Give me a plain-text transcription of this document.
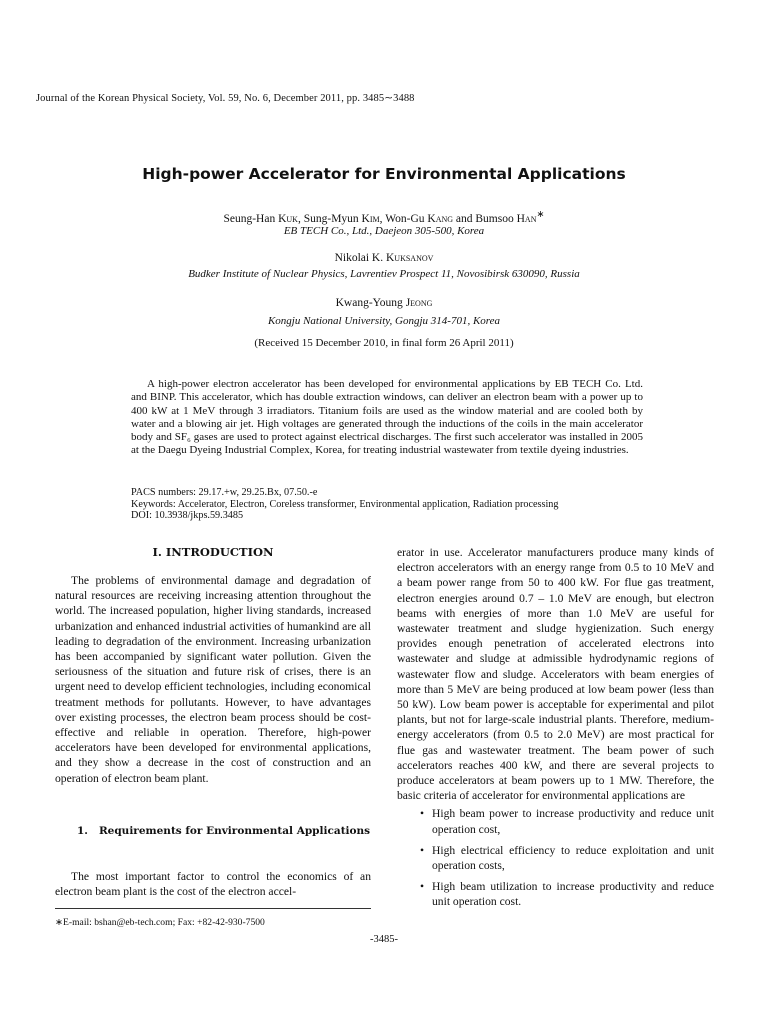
Journal of the Korean Physical Society, Vol. 59, No. 6, December 2011, pp. 3485∼3488
High-power Accelerator for Environmental Applications
Seung-Han Kuk, Sung-Myun Kim, Won-Gu Kang and Bumsoo Han∗
EB TECH Co., Ltd., Daejeon 305-500, Korea
Nikolai K. Kuksanov
Budker Institute of Nuclear Physics, Lavrentiev Prospect 11, Novosibirsk 630090, Russia
Kwang-Young Jeong
Kongju National University, Gongju 314-701, Korea
(Received 15 December 2010, in final form 26 April 2011)
A high-power electron accelerator has been developed for environmental applications by EB TECH Co. Ltd. and BINP. This accelerator, which has double extraction windows, can deliver an electron beam with a power up to 400 kW at 1 MeV through 3 irradiators. Titanium foils are used as the window material and are cooled both by water and a blowing air jet. High voltages are generated through the inductions of the coils in the main accelerator body and SF₆ gases are used to protect against electrical discharges. The first such accelerator was installed in 2005 at the Daegu Dyeing Industrial Complex, Korea, for treating industrial wastewater from textile dyeing industries.
PACS numbers: 29.17.+w, 29.25.Bx, 07.50.-e
Keywords: Accelerator, Electron, Coreless transformer, Environmental application, Radiation processing
DOI: 10.3938/jkps.59.3485
I. INTRODUCTION

The problems of environmental damage and degradation of natural resources are receiving increasing attention throughout the world. The increased population, higher living standards, increased urbanization and enhanced industrial activities of humankind are all leading to degradation of the environment. Increasing urbanization has been accompanied by significant water pollution. Given the seriousness of the situation and future risk of crises, there is an urgent need to develop efficient technologies, including economical treatment methods for pollutants. However, to have advantages over existing processes, the electron beam process should be cost-effective and reliable in operation. Therefore, high-power accelerators have been developed for environmental applications, and they show a decrease in the cost of construction and an operation of electron beam plant.

1. Requirements for Environmental Applications

The most important factor to control the economics of an electron beam plant is the cost of the electron accel-

erator in use. Accelerator manufacturers produce many kinds of electron accelerators with an energy range from 0.5 to 10 MeV and a beam power range from 50 to 400 kW. For flue gas treatment, electron energies around 0.7 – 1.0 MeV are enough, but electron beams with energies of more than 1.0 MeV are useful for wastewater treatment and sludge hygienization. Such energy provides enough penetration of accelerated electrons into wastewater and sludge at admissible hydrodynamic regions of wastewater flow and sludge. Accelerators with beam energies of more than 5 MeV are being produced at low beam power (less than 50 kW). Low beam power is acceptable for experimental and pilot plants, but not for large-scale industrial plants. Therefore, medium-energy accelerators (from 0.5 to 2.0 MeV) are most practical for flue gas and wastewater treatment. The beam power of such accelerators reaches 400 kW, and there are several projects to produce accelerators at beam powers up to 1 MW. Therefore, the basic criteria of accelerator for environmental applications are
• High beam power to increase productivity and reduce unit operation cost,
• High electrical efficiency to reduce exploitation and unit operation costs,
• High beam utilization to increase productivity and reduce unit operation cost.
∗E-mail: bshan@eb-tech.com; Fax: +82-42-930-7500
-3485-
